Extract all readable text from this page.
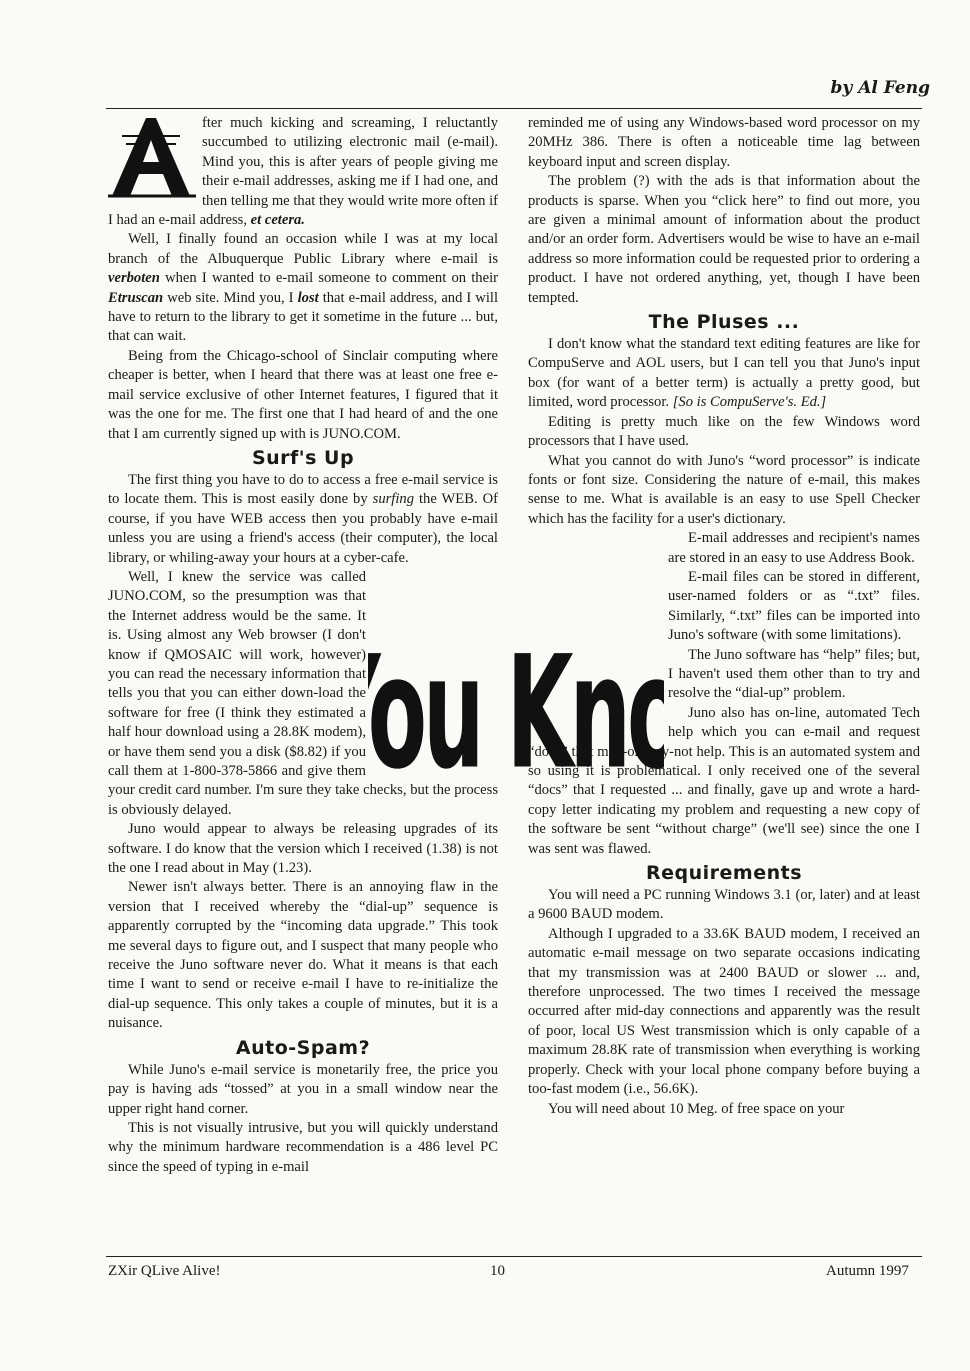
by Al Feng

fter much kicking and screaming, I reluctantly succumbed to utilizing electronic mail (e-mail). Mind you, this is after years of people giving me their e-mail addresses, asking me if I had one, and then telling me that they would write more often if I had an e-mail address, et cetera.

Well, I finally found an occasion while I was at my local branch of the Albuquerque Public Library where e-mail is verboten when I wanted to e-mail someone to comment on their Etruscan web site. Mind you, I lost that e-mail address, and I will have to return to the library to get it sometime in the future ... but, that can wait.

Being from the Chicago-school of Sinclair computing where cheaper is better, when I heard that there was at least one free e-mail service exclusive of other Internet features, I figured that it was the one for me. The first one that I had heard of and the one that I am currently signed up with is JUNO.COM.

Surf's Up

The first thing you have to do to access a free e-mail service is to locate them. This is most easily done by surfing the WEB. Of course, if you have WEB access then you probably have e-mail unless you are using a friend's access (their computer), the local library, or whiling-away your hours at a cyber-cafe.

Well, I knew the service was called JUNO.COM, so the presumption was that the Internet address would be the same. It is. Using almost any Web browser (I don't know if QMOSAIC will work, however) you can read the necessary information that tells you that you can either down-load the software for free (I think they estimated a half hour download using a 28.8K modem), or have them send you a disk ($8.82) if you call them at 1-800-378-5866 and give them your credit card number. I'm sure they take checks, but the process is obviously delayed.

Juno would appear to always be releasing upgrades of its software. I do know that the version which I received (1.38) is not the one I read about in May (1.23).

Newer isn't always better. There is an annoying flaw in the version that I received whereby the “dial-up” sequence is apparently corrupted by the “incoming data upgrade.” This took me several days to figure out, and I suspect that many people who receive the Juno software never do. What it means is that each time I want to send or receive e-mail I have to re-initialize the dial-up sequence. This only takes a couple of minutes, but it is a nuisance.

Auto-Spam?

While Juno's e-mail service is monetarily free, the price you pay is having ads “tossed” at you in a small window near the upper right hand corner.

This is not visually intrusive, but you will quickly understand why the minimum hardware recommendation is a 486 level PC since the speed of typing in e-mail

reminded me of using any Windows-based word processor on my 20MHz 386. There is often a noticeable time lag between keyboard input and screen display.

The problem (?) with the ads is that information about the products is sparse. When you “click here” to find out more, you are given a minimal amount of information about the product and/or an order form. Advertisers would be wise to have an e-mail address so more information could be requested prior to ordering a product. I have not ordered anything, yet, though I have been tempted.

The Pluses ...

I don't know what the standard text editing features are like for CompuServe and AOL users, but I can tell you that Juno's input box (for want of a better term) is actually a pretty good, but limited, word processor. [So is CompuServe's. Ed.]

Editing is pretty much like on the few Windows word processors that I have used.

What you cannot do with Juno's “word processor” is indicate fonts or font size. Considering the nature of e-mail, this makes sense to me. What is available is an easy to use Spell Checker which has the facility for a user's dictionary.

E-mail addresses and recipient's names are stored in an easy to use Address Book.

E-mail files can be stored in different, user-named folders or as “.txt” files. Similarly, “.txt” files can be imported into Juno's software (with some limitations).

The Juno software has “help” files; but, I haven't used them other than to try and resolve the “dial-up” problem.

Juno also has on-line, automated Tech help which you can e-mail and request “docs” that may-or-may-not help. This is an automated system and so using it is problematical. I only received one of the several “docs” that I requested ... and finally, gave up and wrote a hard-copy letter indicating my problem and requesting a new copy of the software be sent “without charge” (we'll see) since the one I was sent was flawed.

Requirements

You will need a PC running Windows 3.1 (or, later) and at least a 9600 BAUD modem.

Although I upgraded to a 33.6K BAUD modem, I received an automatic e-mail message on two separate occasions indicating that my transmission was at 2400 BAUD or slower ... and, therefore unprocessed. The two times I received the message occurred after mid-day connections and apparently was the result of poor, local US West transmission which is only capable of a maximum 28.8K rate of transmission when everything is working properly. Check with your local phone company before buying a too-fast modem (i.e., 56.6K).

You will need about 10 Meg. of free space on your

ou Kn
ZXir QLive Alive!	10	Autumn 1997
